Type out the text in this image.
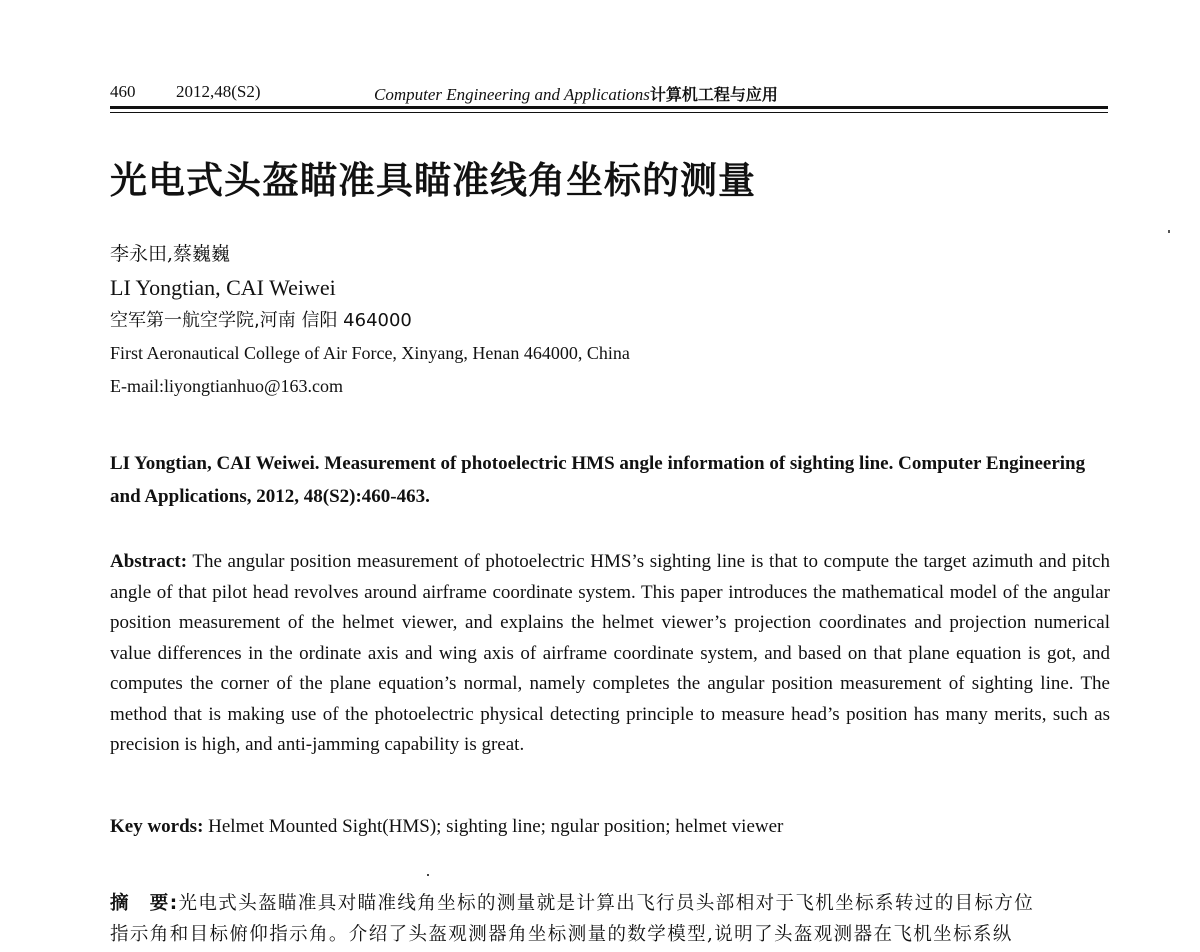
460 2012,48(S2)	Computer Engineering and Applications计算机工程与应用
光电式头盔瞄准具瞄准线角坐标的测量
李永田,蔡巍巍
LI Yongtian, CAI Weiwei
空军第一航空学院,河南 信阳 464000
First Aeronautical College of Air Force, Xinyang, Henan 464000, China
E-mail:liyongtianhuo@163.com
LI Yongtian, CAI Weiwei. Measurement of photoelectric HMS angle information of sighting line. Computer Engineering and Applications, 2012, 48(S2):460-463.
Abstract: The angular position measurement of photoelectric HMS’s sighting line is that to compute the target azimuth and pitch angle of that pilot head revolves around airframe coordinate system. This paper introduces the mathematical model of the angular position measurement of the helmet viewer, and explains the helmet viewer’s projection coordinates and projection numerical value differences in the ordinate axis and wing axis of airframe coordinate system, and based on that plane equation is got, and computes the corner of the plane equation’s normal, namely completes the angular position measurement of sighting line. The method that is making use of the photoelectric physical detecting principle to measure head’s position has many merits, such as precision is high, and anti-jamming capability is great.
Key words: Helmet Mounted Sight(HMS); sighting line; ngular position; helmet viewer
摘　要:光电式头盔瞄准具对瞄准线角坐标的测量就是计算出飞行员头部相对于飞机坐标系转过的目标方位
指示角和目标俯仰指示角。介绍了头盔观测器角坐标测量的数学模型,说明了头盔观测器在飞机坐标系纵
